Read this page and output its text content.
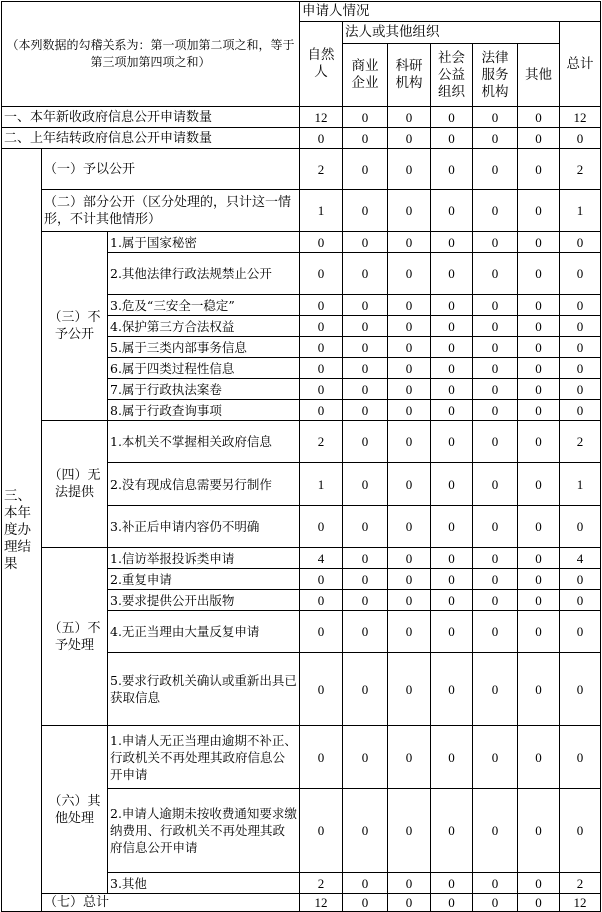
（本列数据的勾稽关系为：第一项加第二项之和，等于第三项加第四项之和）			申请人情况						
			自然人	法人或其他组织					总计
				商业企业	科研机构	社会公益组织	法律服务机构	其他	
一、本年新收政府信息公开申请数量			12	0	0	0	0	0	12
二、上年结转政府信息公开申请数量			0	0	0	0	0	0	0
三、本年度办理结果	（一）予以公开		2	0	0	0	0	0	2
	（二）部分公开（区分处理的，只计这一情形，不计其他情形）		1	0	0	0	0	0	1
	（三）不予公开	1.属于国家秘密	0	0	0	0	0	0	0
		2.其他法律行政法规禁止公开	0	0	0	0	0	0	0
		3.危及“三安全一稳定”	0	0	0	0	0	0	0
		4.保护第三方合法权益	0	0	0	0	0	0	0
		5.属于三类内部事务信息	0	0	0	0	0	0	0
		6.属于四类过程性信息	0	0	0	0	0	0	0
		7.属于行政执法案卷	0	0	0	0	0	0	0
		8.属于行政查询事项	0	0	0	0	0	0	0
	（四）无法提供	1.本机关不掌握相关政府信息	2	0	0	0	0	0	2
		2.没有现成信息需要另行制作	1	0	0	0	0	0	1
		3.补正后申请内容仍不明确	0	0	0	0	0	0	0
	（五）不予处理	1.信访举报投诉类申请	4	0	0	0	0	0	4
		2.重复申请	0	0	0	0	0	0	0
		3.要求提供公开出版物	0	0	0	0	0	0	0
		4.无正当理由大量反复申请	0	0	0	0	0	0	0
		5.要求行政机关确认或重新出具已获取信息	0	0	0	0	0	0	0
	（六）其他处理	1.申请人无正当理由逾期不补正、行政机关不再处理其政府信息公开申请	0	0	0	0	0	0	0
		2.申请人逾期未按收费通知要求缴纳费用、行政机关不再处理其政府信息公开申请	0	0	0	0	0	0	0
		3.其他	2	0	0	0	0	0	2
	（七）总计		12	0	0	0	0	0	12
